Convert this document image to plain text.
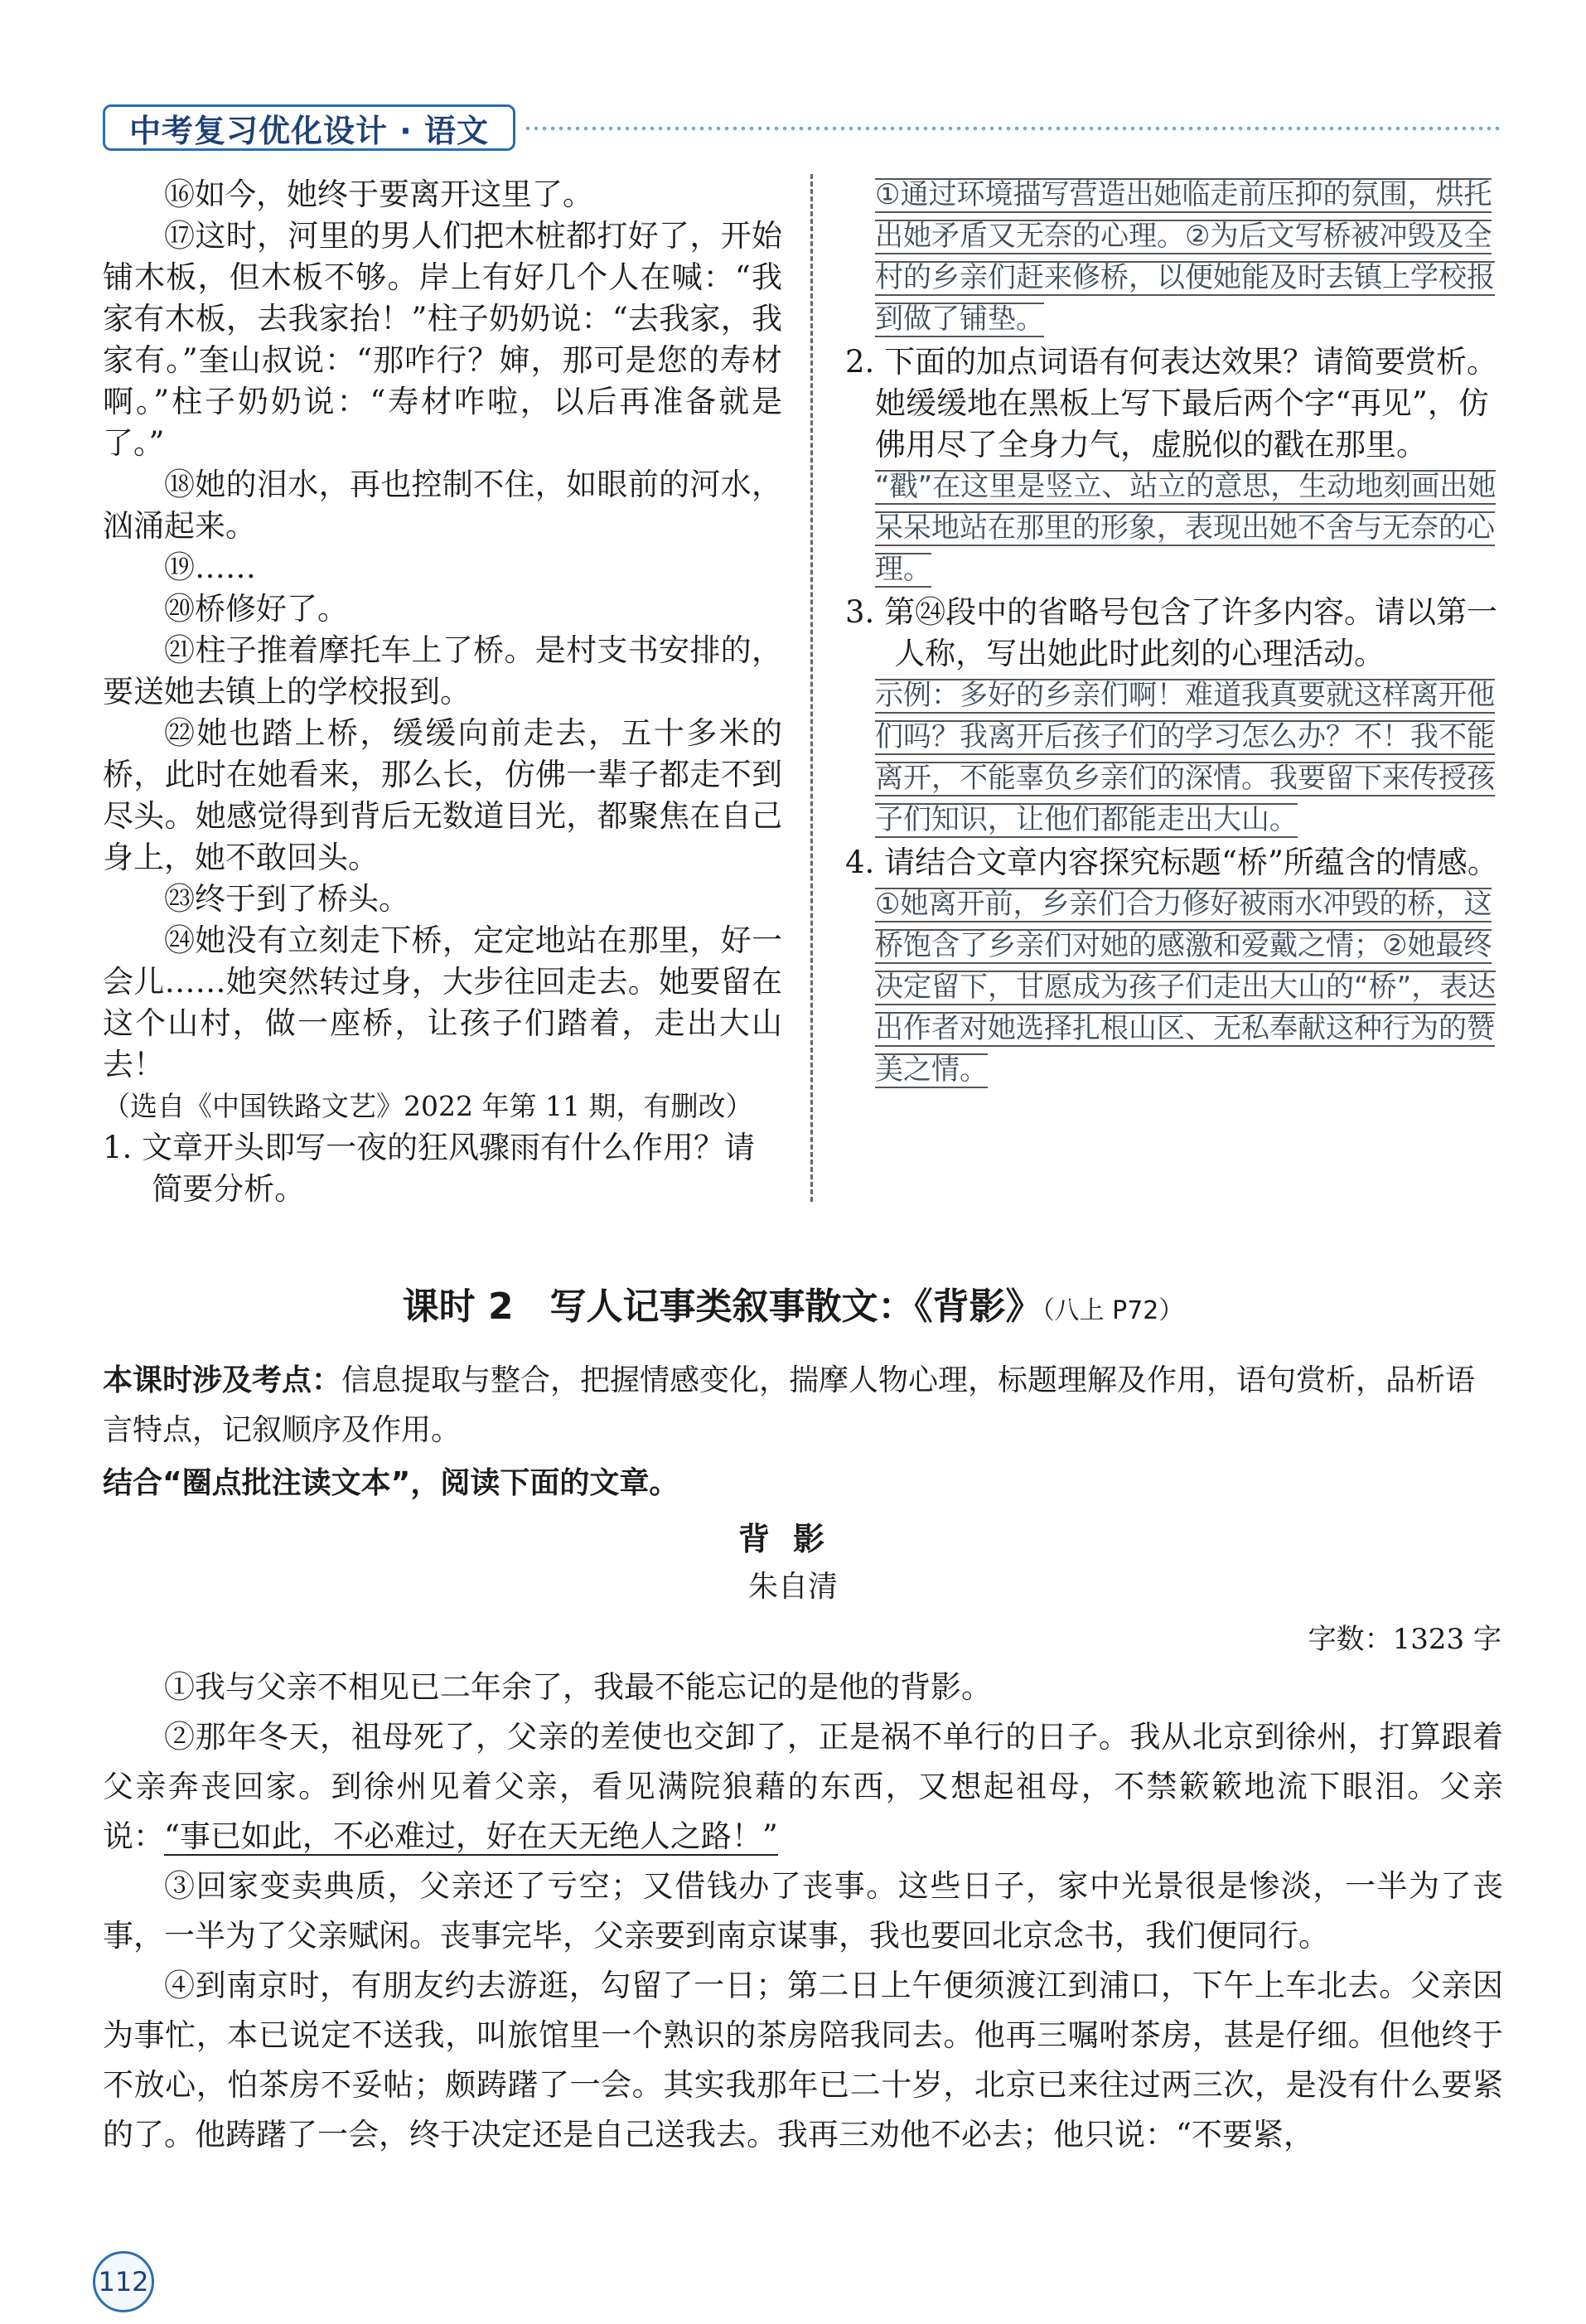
中考复习优化设计 · 语文

⑯如今，她终于要离开这里了。

⑰这时，河里的男人们把木桩都打好了，开始铺木板，但木板不够。岸上有好几个人在喊：“我家有木板，去我家抬！”柱子奶奶说：“去我家，我家有。”奎山叔说：“那咋行？婶，那可是您的寿材啊。”柱子奶奶说：“寿材咋啦，以后再准备就是了。”

⑱她的泪水，再也控制不住，如眼前的河水，汹涌起来。

⑲……

⑳桥修好了。

㉑柱子推着摩托车上了桥。是村支书安排的，要送她去镇上的学校报到。

㉒她也踏上桥，缓缓向前走去，五十多米的桥，此时在她看来，那么长，仿佛一辈子都走不到尽头。她感觉得到背后无数道目光，都聚焦在自己身上，她不敢回头。

㉓终于到了桥头。

㉔她没有立刻走下桥，定定地站在那里，好一会儿……她突然转过身，大步往回走去。她要留在这个山村，做一座桥，让孩子们踏着，走出大山去！

（选自《中国铁路文艺》2022 年第 11 期，有删改）

1. 文章开头即写一夜的狂风骤雨有什么作用？请简要分析。

①通过环境描写营造出她临走前压抑的氛围，烘托出她矛盾又无奈的心理。②为后文写桥被冲毁及全村的乡亲们赶来修桥，以便她能及时去镇上学校报到做了铺垫。

2. 下面的加点词语有何表达效果？请简要赏析。

她缓缓地在黑板上写下最后两个字“再见”，仿佛用尽了全身力气，虚脱似的戳在那里。

“戳”在这里是竖立、站立的意思，生动地刻画出她呆呆地站在那里的形象，表现出她不舍与无奈的心理。

3. 第㉔段中的省略号包含了许多内容。请以第一人称，写出她此时此刻的心理活动。

示例：多好的乡亲们啊！难道我真要就这样离开他们吗？我离开后孩子们的学习怎么办？不！我不能离开，不能辜负乡亲们的深情。我要留下来传授孩子们知识，让他们都能走出大山。

4. 请结合文章内容探究标题“桥”所蕴含的情感。

①她离开前，乡亲们合力修好被雨水冲毁的桥，这桥饱含了乡亲们对她的感激和爱戴之情；②她最终决定留下，甘愿成为孩子们走出大山的“桥”，表达出作者对她选择扎根山区、无私奉献这种行为的赞美之情。

课时 2　写人记事类叙事散文：《背影》（八上 P72）
本课时涉及考点：信息提取与整合，把握情感变化，揣摩人物心理，标题理解及作用，语句赏析，品析语言特点，记叙顺序及作用。
结合“圈点批注读文本”，阅读下面的文章。
背影
朱自清
字数：1323 字

①我与父亲不相见已二年余了，我最不能忘记的是他的背影。

②那年冬天，祖母死了，父亲的差使也交卸了，正是祸不单行的日子。我从北京到徐州，打算跟着父亲奔丧回家。到徐州见着父亲，看见满院狼藉的东西，又想起祖母，不禁簌簌地流下眼泪。父亲说：“事已如此，不必难过，好在天无绝人之路！”

③回家变卖典质，父亲还了亏空；又借钱办了丧事。这些日子，家中光景很是惨淡，一半为了丧事，一半为了父亲赋闲。丧事完毕，父亲要到南京谋事，我也要回北京念书，我们便同行。

④到南京时，有朋友约去游逛，勾留了一日；第二日上午便须渡江到浦口，下午上车北去。父亲因为事忙，本已说定不送我，叫旅馆里一个熟识的茶房陪我同去。他再三嘱咐茶房，甚是仔细。但他终于不放心，怕茶房不妥帖；颇踌躇了一会。其实我那年已二十岁，北京已来往过两三次，是没有什么要紧的了。他踌躇了一会，终于决定还是自己送我去。我再三劝他不必去；他只说：“不要紧，

112
